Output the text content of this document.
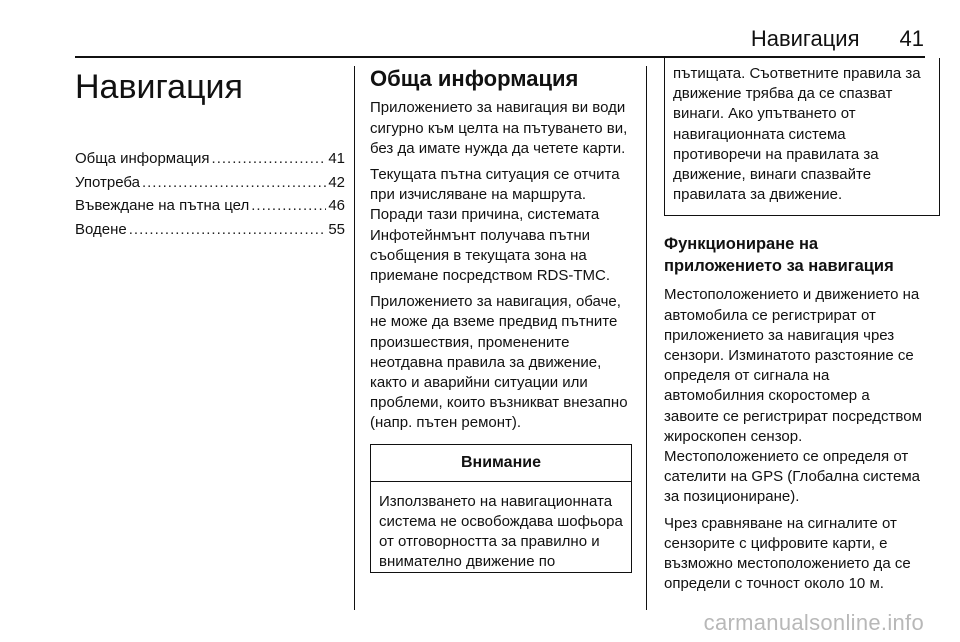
Навигация 41
Навигация
Обща информация .....	41
Употреба .....	42
Въвеждане на пътна цел .....	46
Водене .....	55
Обща информация

Приложението за навигация ви води сигурно към целта на пътуването ви, без да имате нужда да четете карти.

Текущата пътна ситуация се отчита при изчисляване на маршрута. Поради тази причина, системата Инфотейнмънт получава пътни съобщения в текущата зона на приемане посредством RDS-TMC.

Приложението за навигация, обаче, не може да вземе предвид пътните произшествия, променените неотдавна правила за движение, както и аварийни ситуации или проблеми, които възникват внезапно (напр. пътен ремонт).

Внимание
Използването на навигационната система не освобождава шофьора от отговорността за правилно и внимателно движение по
пътищата. Съответните правила за движение трябва да се спазват винаги. Ако упътването от навигационната система противоречи на правилата за движение, винаги спазвайте правилата за движение.
Функциониране на приложението за навигация

Местоположението и движението на автомобила се регистрират от приложението за навигация чрез сензори. Изминатото разстояние се определя от сигнала на автомобилния скоростомер а завоите се регистрират посредством жироскопен сензор. Местоположението се определя от сателити на GPS (Глобална система за позициониране).

Чрез сравняване на сигналите от сензорите с цифровите карти, е възможно местоположението да се определи с точност около 10 м.

carmanualsonline.info
